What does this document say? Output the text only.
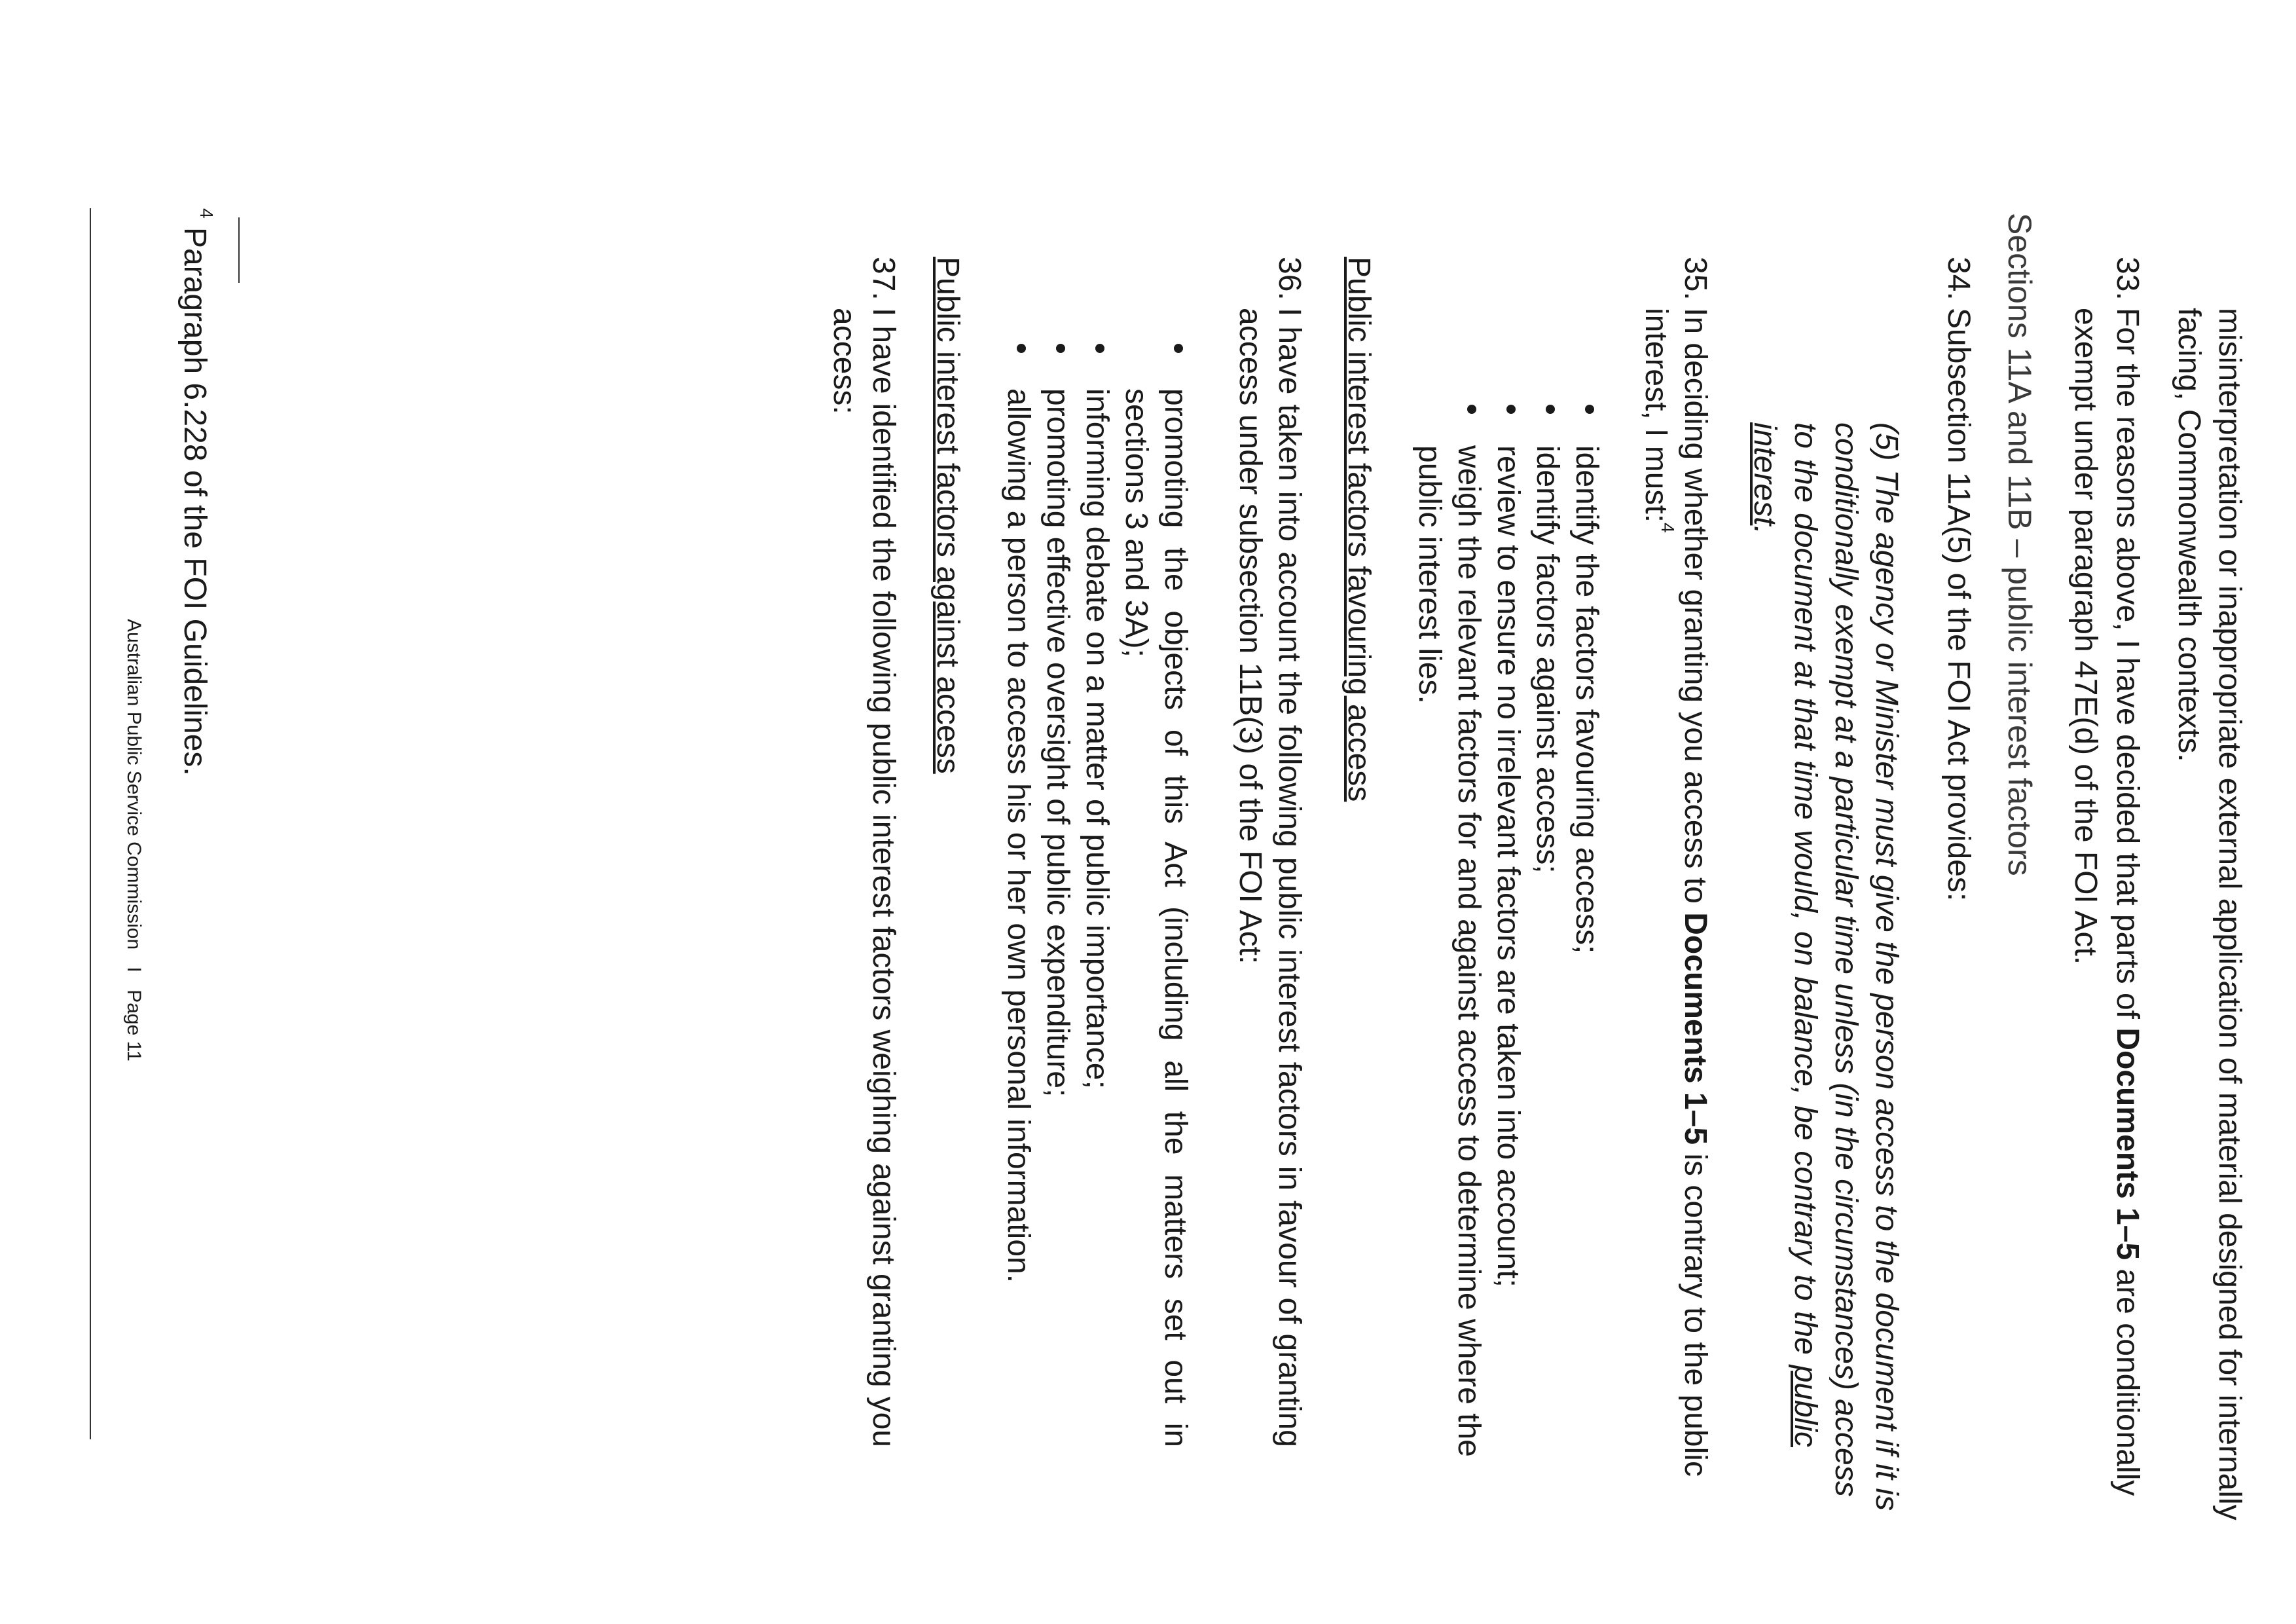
misinterpretation or inappropriate external application of material designed for internally
facing, Commonwealth contexts.
33.
For the reasons above, I have decided that parts of Documents 1–5 are conditionally
exempt under paragraph 47E(d) of the FOI Act.
Sections 11A and 11B – public interest factors
34.
Subsection 11A(5) of the FOI Act provides:
(5) The agency or Minister must give the person access to the document if it is
conditionally exempt at a particular time unless (in the circumstances) access
to the document at that time would, on balance, be contrary to the public
interest.
35.
In deciding whether granting you access to Documents 1–5 is contrary to the public
interest, I must:$^4$
identify the factors favouring access;
identify factors against access;
review to ensure no irrelevant factors are taken into account;
weigh the relevant factors for and against access to determine where the
public interest lies.
Public interest factors favouring access
36.
I have taken into account the following public interest factors in favour of granting
access under subsection 11B(3) of the FOI Act:
promoting the objects of this Act (including all the matters set out in
sections 3 and 3A);
informing debate on a matter of public importance;
promoting effective oversight of public expenditure;
allowing a person to access his or her own personal information.
Public interest factors against access
37.
I have identified the following public interest factors weighing against granting you
access:
$^4$ Paragraph 6.228 of the FOI Guidelines.
Australian Public Service Commission I Page 11
